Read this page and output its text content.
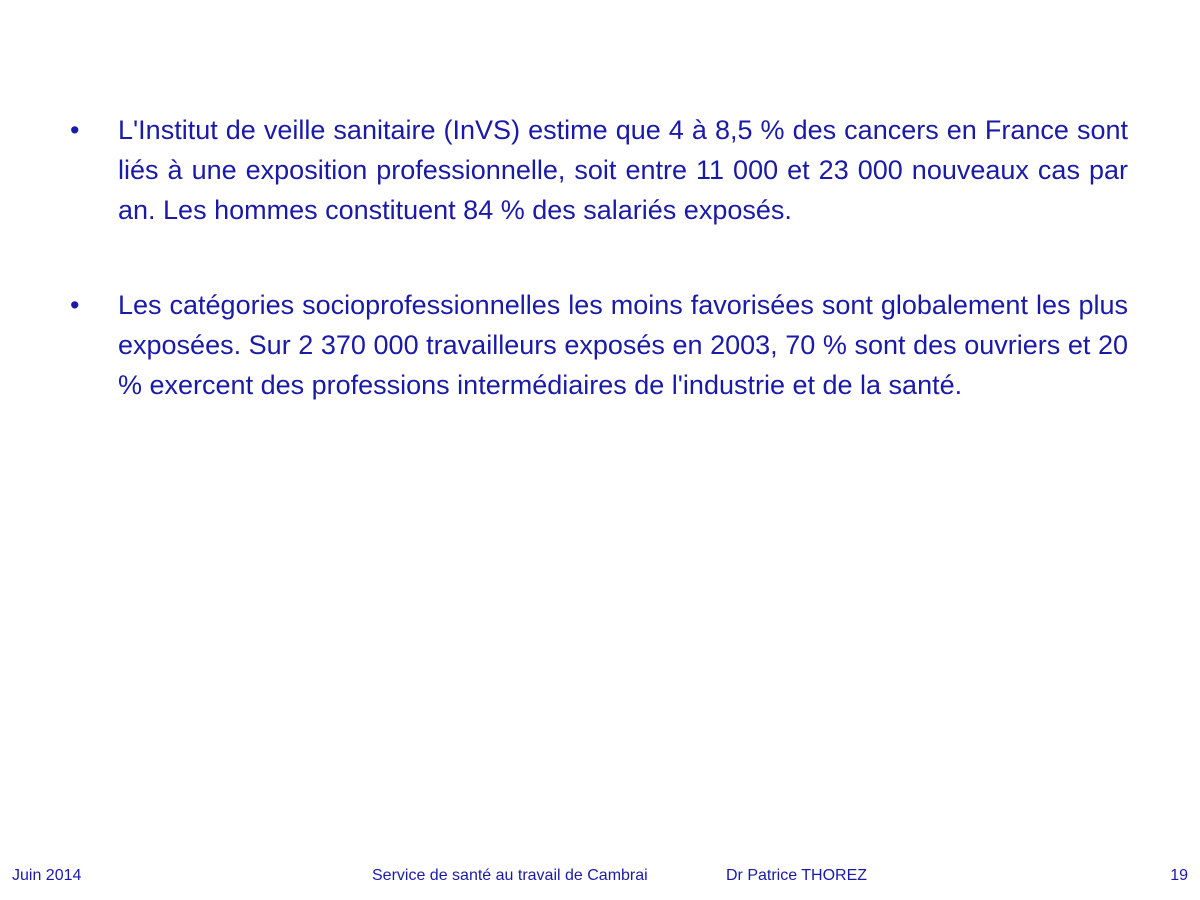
• L'Institut de veille sanitaire (InVS) estime que 4 à 8,5 % des cancers en France sont liés à une exposition professionnelle, soit entre 11 000 et 23 000 nouveaux cas par an. Les hommes constituent 84 % des salariés exposés.
• Les catégories socioprofessionnelles les moins favorisées sont globalement les plus exposées. Sur 2 370 000 travailleurs exposés en 2003, 70 % sont des ouvriers et 20 % exercent des professions intermédiaires de l'industrie et de la santé.
Juin 2014	Service de santé au travail de Cambrai	Dr Patrice THOREZ	19
